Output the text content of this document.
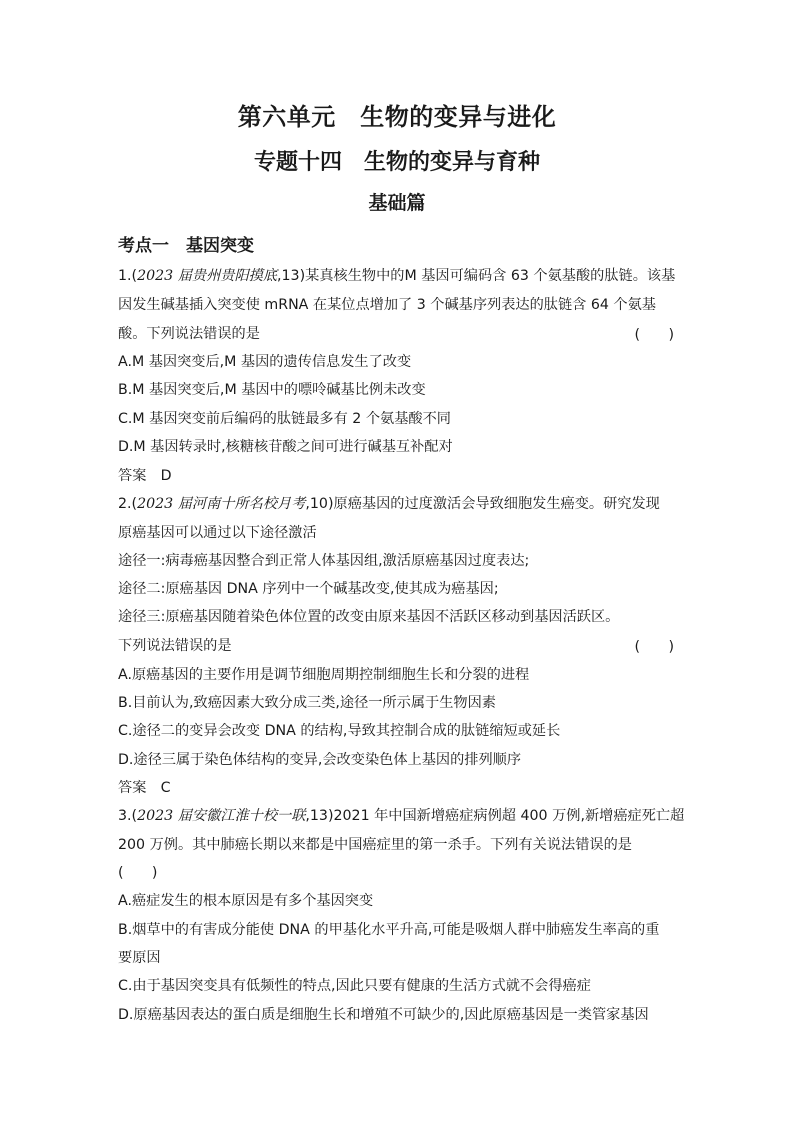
第六单元　生物的变异与进化
专题十四　生物的变异与育种
基础篇
考点一　基因突变
1.(2023 届贵州贵阳摸底,13)某真核生物中的M 基因可编码含 63 个氨基酸的肽链。该基
因发生碱基插入突变使 mRNA 在某位点增加了 3 个碱基序列表达的肽链含 64 个氨基
酸。下列说法错误的是	(　　)
A.M 基因突变后,M 基因的遗传信息发生了改变
B.M 基因突变后,M 基因中的嘌呤碱基比例未改变
C.M 基因突变前后编码的肽链最多有 2 个氨基酸不同
D.M 基因转录时,核糖核苷酸之间可进行碱基互补配对
答案　D
2.(2023 届河南十所名校月考,10)原癌基因的过度激活会导致细胞发生癌变。研究发现
原癌基因可以通过以下途径激活
途径一:病毒癌基因整合到正常人体基因组,激活原癌基因过度表达;
途径二:原癌基因 DNA 序列中一个碱基改变,使其成为癌基因;
途径三:原癌基因随着染色体位置的改变由原来基因不活跃区移动到基因活跃区。
下列说法错误的是	(　　)
A.原癌基因的主要作用是调节细胞周期控制细胞生长和分裂的进程
B.目前认为,致癌因素大致分成三类,途径一所示属于生物因素
C.途径二的变异会改变 DNA 的结构,导致其控制合成的肽链缩短或延长
D.途径三属于染色体结构的变异,会改变染色体上基因的排列顺序
答案　C
3.(2023 届安徽江淮十校一联,13)2021 年中国新增癌症病例超 400 万例,新增癌症死亡超
200 万例。其中肺癌长期以来都是中国癌症里的第一杀手。下列有关说法错误的是
(　　)
A.癌症发生的根本原因是有多个基因突变
B.烟草中的有害成分能使 DNA 的甲基化水平升高,可能是吸烟人群中肺癌发生率高的重
要原因
C.由于基因突变具有低频性的特点,因此只要有健康的生活方式就不会得癌症
D.原癌基因表达的蛋白质是细胞生长和增殖不可缺少的,因此原癌基因是一类管家基因
